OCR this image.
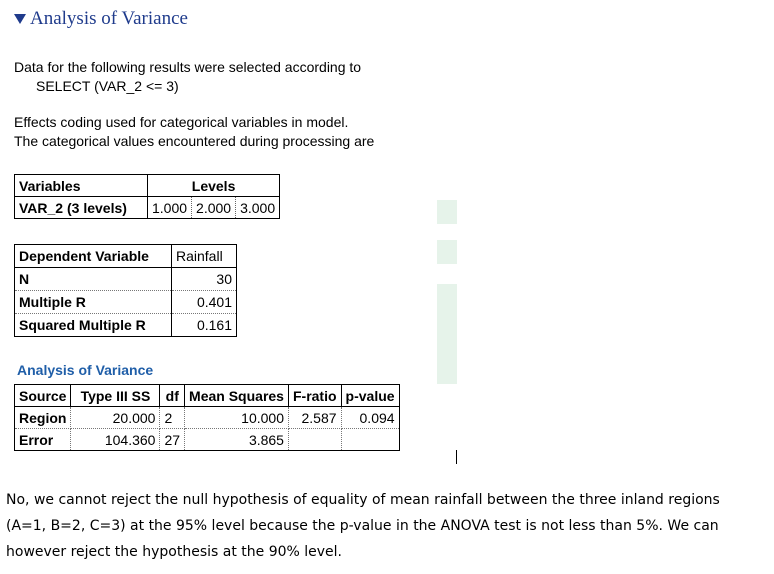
Analysis of Variance
Data for the following results were selected according to
SELECT (VAR_2 <= 3)
Effects coding used for categorical variables in model.
The categorical values encountered during processing are
Variables	Levels		
VAR_2 (3 levels)	1.000	2.000	3.000
Dependent Variable	Rainfall
N	30
Multiple R	0.401
Squared Multiple R	0.161
Analysis of Variance
Source	Type III SS	df	Mean Squares	F-ratio	p-value
Region	20.000	2	10.000	2.587	0.094
Error	104.360	27	3.865		
No, we cannot reject the null hypothesis of equality of mean rainfall between the three inland regions
(A=1, B=2, C=3) at the 95% level because the p-value in the ANOVA test is not less than 5%. We can
however reject the hypothesis at the 90% level.
